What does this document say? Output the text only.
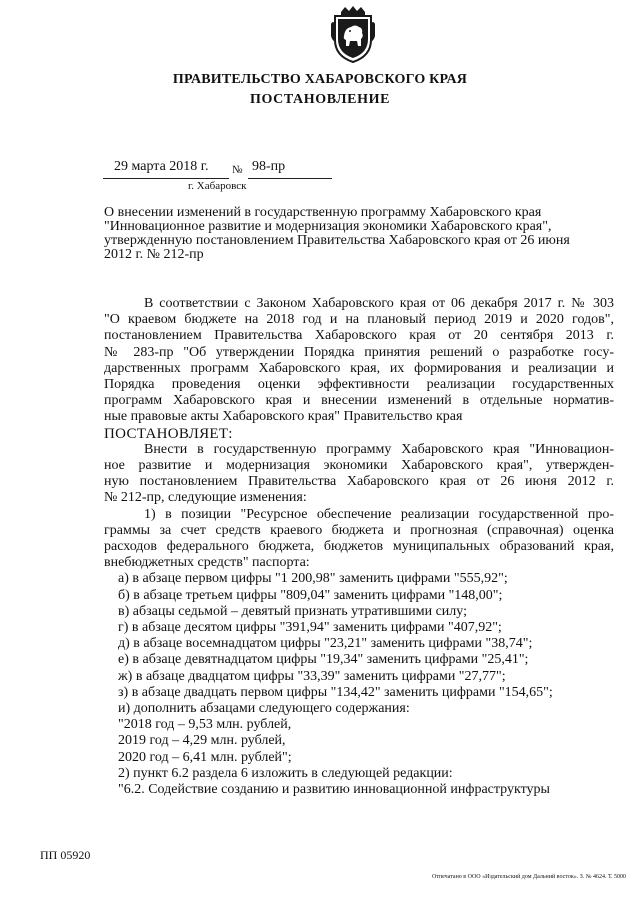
ПРАВИТЕЛЬСТВО ХАБАРОВСКОГО КРАЯ
ПОСТАНОВЛЕНИЕ
29 марта 2018 г. № 98-пр
г. Хабаровск
О внесении изменений в государственную программу Хабаровского края
"Инновационное развитие и модернизация экономики Хабаровского края",
утвержденную постановлением Правительства Хабаровского края от 26 июня
2012 г. № 212-пр
В соответствии с Законом Хабаровского края от 06 декабря 2017 г. № 303
"О краевом бюджете на 2018 год и на плановый период 2019 и 2020 годов",
постановлением Правительства Хабаровского края от 20 сентября 2013 г.
№ 283-пр "Об утверждении Порядка принятия решений о разработке госу-
дарственных программ Хабаровского края, их формирования и реализации и
Порядка проведения оценки эффективности реализации государственных
программ Хабаровского края и внесении изменений в отдельные норматив-
ные правовые акты Хабаровского края" Правительство края
ПОСТАНОВЛЯЕТ:
Внести в государственную программу Хабаровского края "Инновацион-
ное развитие и модернизация экономики Хабаровского края", утвержден-
ную постановлением Правительства Хабаровского края от 26 июня 2012 г.
№ 212-пр, следующие изменения:
1) в позиции "Ресурсное обеспечение реализации государственной про-
граммы за счет средств краевого бюджета и прогнозная (справочная) оценка
расходов федерального бюджета, бюджетов муниципальных образований края,
внебюджетных средств" паспорта:
а) в абзаце первом цифры "1 200,98" заменить цифрами "555,92";
б) в абзаце третьем цифры "809,04" заменить цифрами "148,00";
в) абзацы седьмой – девятый признать утратившими силу;
г) в абзаце десятом цифры "391,94" заменить цифрами "407,92";
д) в абзаце восемнадцатом цифры "23,21" заменить цифрами "38,74";
е) в абзаце девятнадцатом цифры "19,34" заменить цифрами "25,41";
ж) в абзаце двадцатом цифры "33,39" заменить цифрами "27,77";
з) в абзаце двадцать первом цифры "134,42" заменить цифрами "154,65";
и) дополнить абзацами следующего содержания:
"2018 год – 9,53 млн. рублей,
2019 год – 4,29 млн. рублей,
2020 год – 6,41 млн. рублей";
2) пункт 6.2 раздела 6 изложить в следующей редакции:
"6.2. Содействие созданию и развитию инновационной инфраструктуры
ПП 05920
Отпечатано в ООО «Издательский дом Дальний восток». З. № 4624. Т. 5000
